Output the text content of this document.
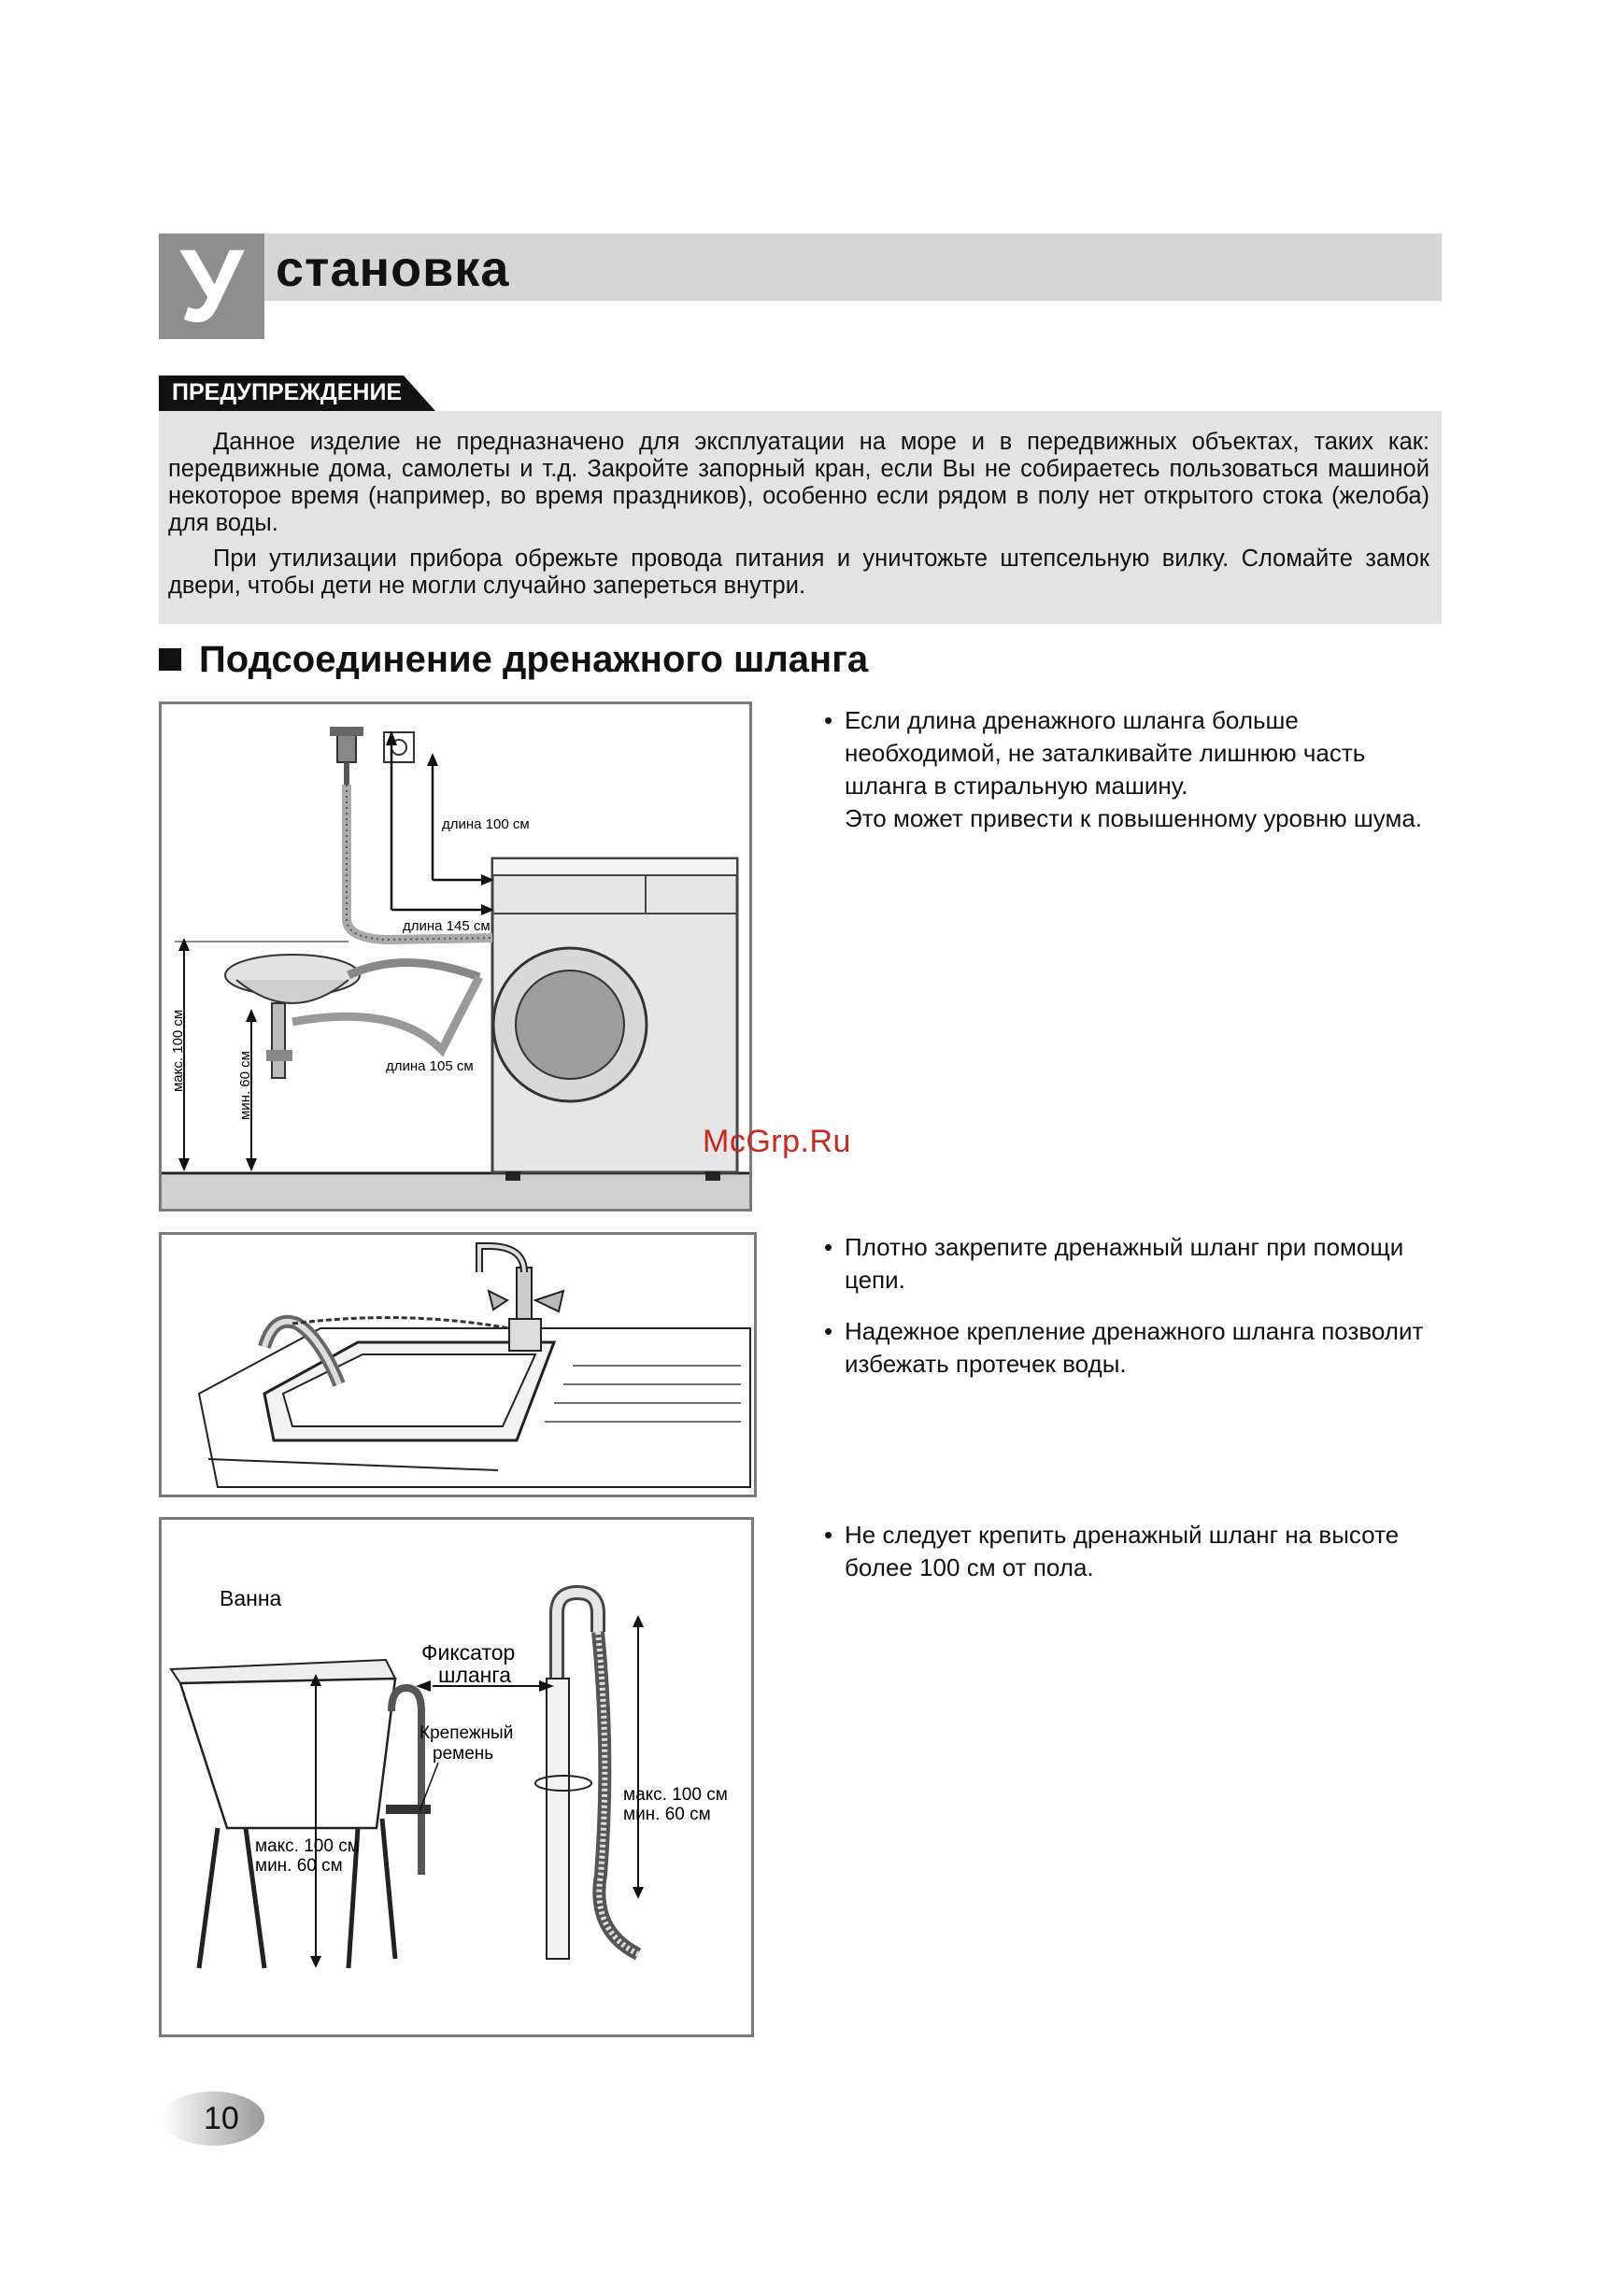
У становка
ПРЕДУПРЕЖДЕНИЕ

Данное изделие не предназначено для эксплуатации на море и в передвижных объектах, таких как: передвижные дома, самолеты и т.д. Закройте запорный кран, если Вы не собираетесь пользоваться машиной некоторое время (например, во время праздников), особенно если рядом в полу нет открытого стока (желоба) для воды.

При утилизации прибора обрежьте провода питания и уничтожьте штепсельную вилку. Сломайте замок двери, чтобы дети не могли случайно запереться внутри.

Подсоединение дренажного шланга
длина 100 см
длина 145 см
длина 105 см
макс. 100 см	мин. 60 см
Ванна
Фиксатор
шланга
Крепежный
ремень
макс. 100 см
мин. 60 см
макс. 100 см
мин. 60 см
• Если длина дренажного шланга больше необходимой, не заталкивайте лишнюю часть шланга в стиральную машину.
Это может привести к повышенному уровню шума.
• Плотно закрепите дренажный шланг при помощи цепи.
• Надежное крепление дренажного шланга позволит избежать протечек воды.
• Не следует крепить дренажный шланг на высоте более 100 см от пола.
McGrp.Ru
10
